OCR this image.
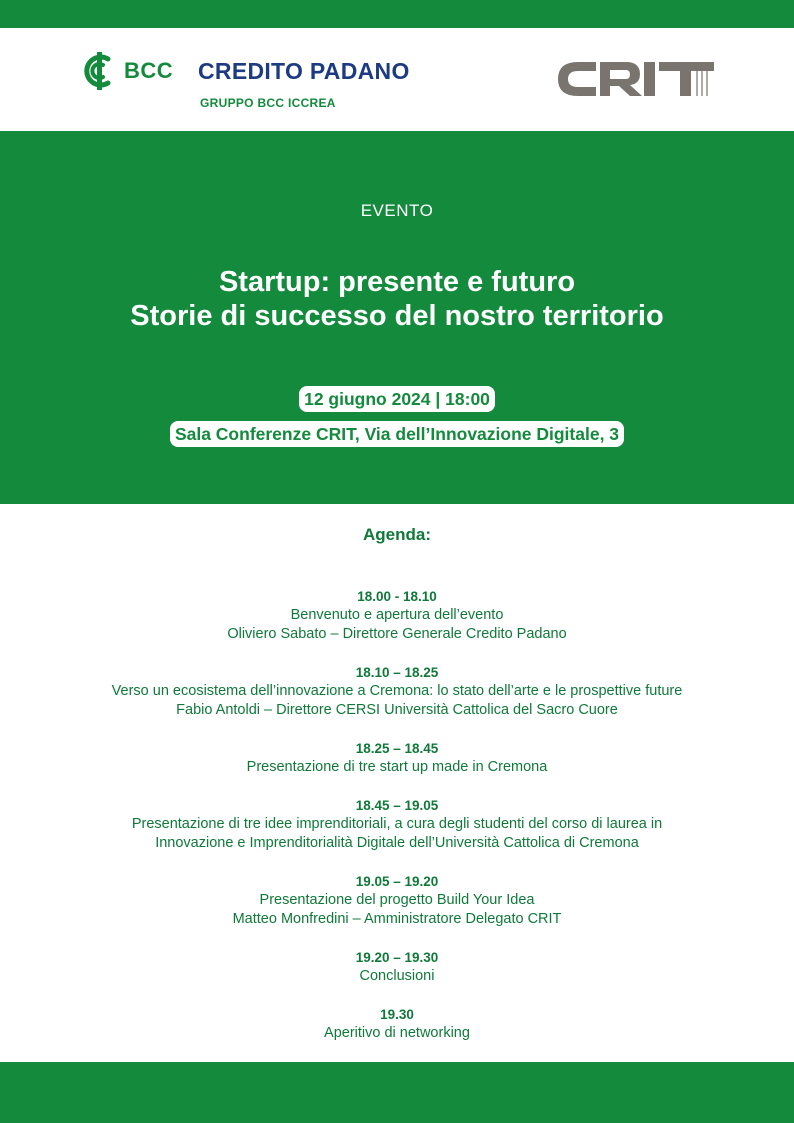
BCC CREDITO PADANO
GRUPPO BCC ICCREA
EVENTO
Startup: presente e futuro
Storie di successo del nostro territorio
12 giugno 2024 | 18:00
Sala Conferenze CRIT, Via dell’Innovazione Digitale, 3
Agenda:
18.00 - 18.10
Benvenuto e apertura dell’evento
Oliviero Sabato – Direttore Generale Credito Padano
18.10 – 18.25
Verso un ecosistema dell’innovazione a Cremona: lo stato dell’arte e le prospettive future
Fabio Antoldi – Direttore CERSI Università Cattolica del Sacro Cuore
18.25 – 18.45
Presentazione di tre start up made in Cremona
18.45 – 19.05
Presentazione di tre idee imprenditoriali, a cura degli studenti del corso di laurea in
Innovazione e Imprenditorialità Digitale dell’Università Cattolica di Cremona
19.05 – 19.20
Presentazione del progetto Build Your Idea
Matteo Monfredini – Amministratore Delegato CRIT
19.20 – 19.30
Conclusioni
19.30
Aperitivo di networking
